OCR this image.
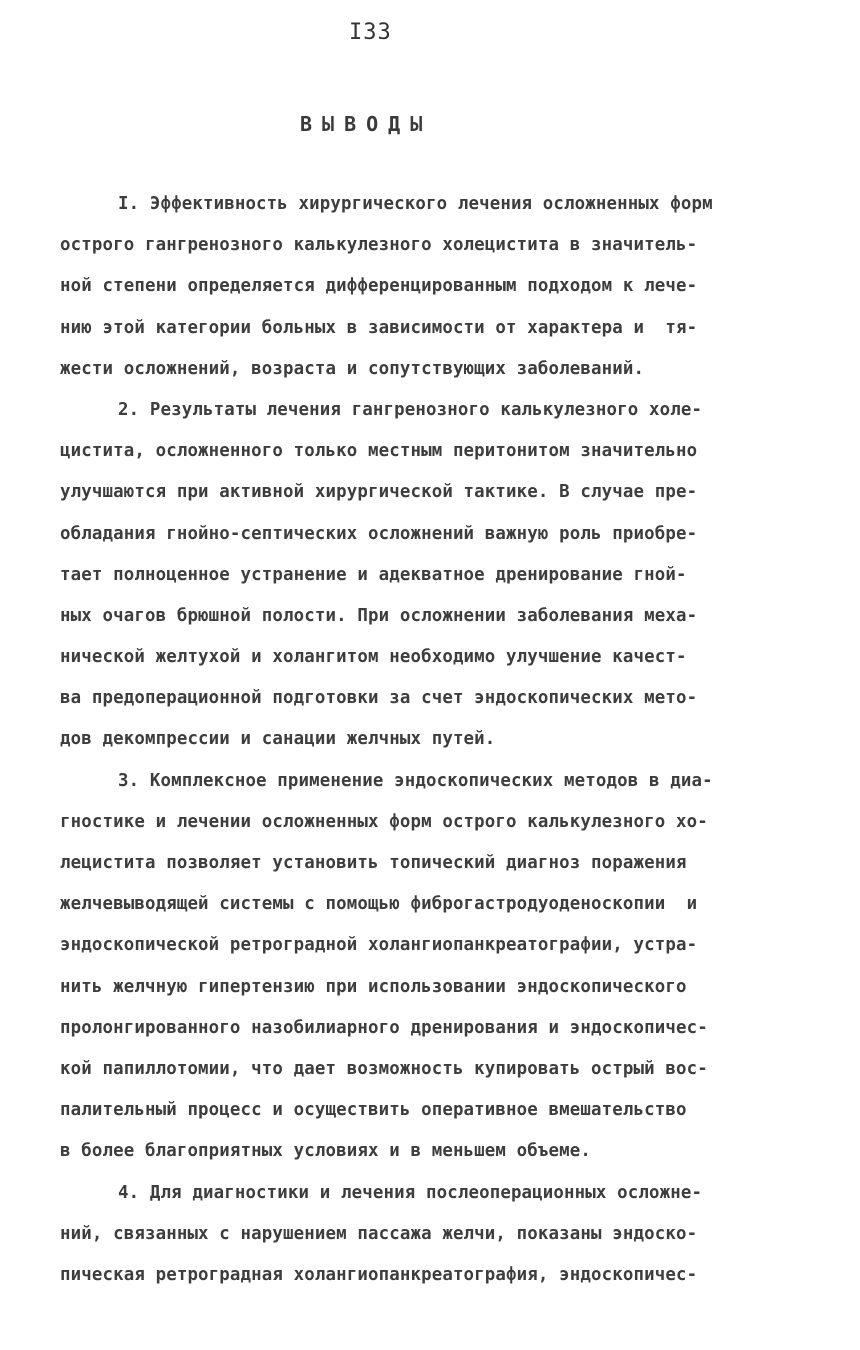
I33
ВЫВОДЫ
I. Эффективность хирургического лечения осложненных форм
острого гангренозного калькулезного холецистита в значитель-
ной степени определяется дифференцированным подходом к лече-
нию этой категории больных в зависимости от характера и  тя-
жести осложнений, возраста и сопутствующих заболеваний.
2. Результаты лечения гангренозного калькулезного холе-
цистита, осложненного только местным перитонитом значительно
улучшаются при активной хирургической тактике. В случае пре-
обладания гнойно-септических осложнений важную роль приобре-
тает полноценное устранение и адекватное дренирование гной-
ных очагов брюшной полости. При осложнении заболевания меха-
нической желтухой и холангитом необходимо улучшение качест-
ва предоперационной подготовки за счет эндоскопических мето-
дов декомпрессии и санации желчных путей.
3. Комплексное применение эндоскопических методов в диа-
гностике и лечении осложненных форм острого калькулезного хо-
лецистита позволяет установить топический диагноз поражения
желчевыводящей системы с помощью фиброгастродуоденоскопии  и
эндоскопической ретроградной холангиопанкреатографии, устра-
нить желчную гипертензию при использовании эндоскопического
пролонгированного назобилиарного дренирования и эндоскопичес-
кой папиллотомии, что дает возможность купировать острый вос-
палительный процесс и осуществить оперативное вмешательство
в более благоприятных условиях и в меньшем объеме.
4. Для диагностики и лечения послеоперационных осложне-
ний, связанных с нарушением пассажа желчи, показаны эндоско-
пическая ретроградная холангиопанкреатография, эндоскопичес-
